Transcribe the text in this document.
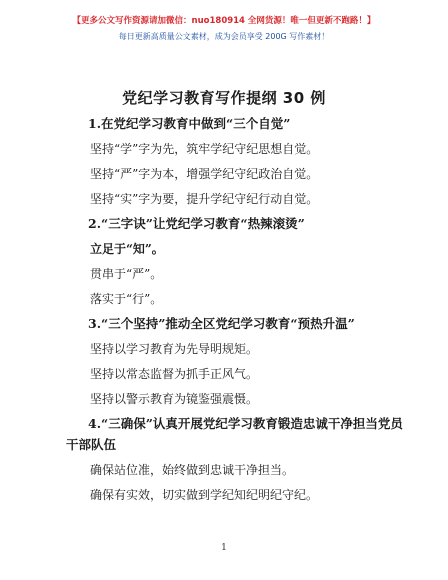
【更多公文写作资源请加微信：nuo180914 全网货源！唯一但更新不跑路！】
每日更新高质量公文素材，成为会员享受 200G 写作素材！
党纪学习教育写作提纲 30 例
1.在党纪学习教育中做到“三个自觉”
坚持“学”字为先，筑牢学纪守纪思想自觉。
坚持“严”字为本，增强学纪守纪政治自觉。
坚持“实”字为要，提升学纪守纪行动自觉。
2.“三字诀”让党纪学习教育“热辣滚烫”
立足于“知”。
贯串于“严”。
落实于“行”。
3.“三个坚持”推动全区党纪学习教育“预热升温”
坚持以学习教育为先导明规矩。
坚持以常态监督为抓手正风气。
坚持以警示教育为镜鉴强震慑。
4.“三确保”认真开展党纪学习教育锻造忠诚干净担当党员
干部队伍
确保站位准，始终做到忠诚干净担当。
确保有实效，切实做到学纪知纪明纪守纪。
1
